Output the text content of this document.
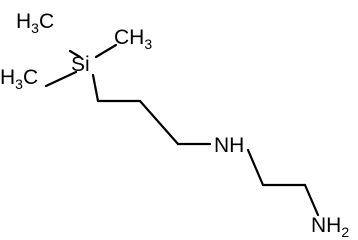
$H_3C$
$CH_3$
$H_3C$
Si
NH
$NH_2$
